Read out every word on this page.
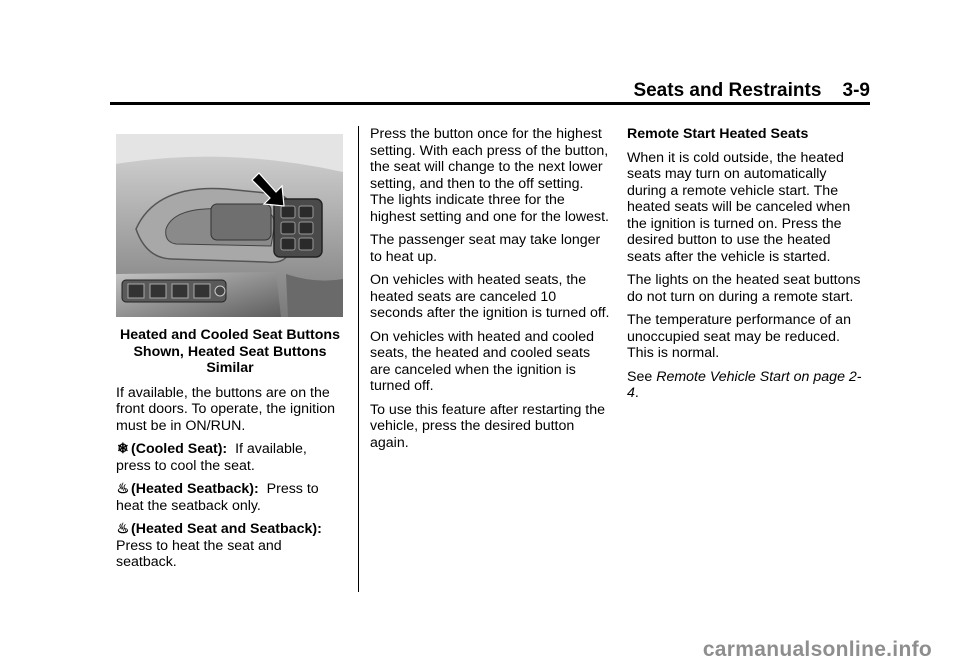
Seats and Restraints 3-9
Heated and Cooled Seat Buttons Shown, Heated Seat Buttons Similar

If available, the buttons are on the front doors. To operate, the ignition must be in ON/RUN.

❄ (Cooled Seat): If available, press to cool the seat.

♨ (Heated Seatback): Press to heat the seatback only.

♨ (Heated Seat and Seatback): Press to heat the seat and seatback.

Press the button once for the highest setting. With each press of the button, the seat will change to the next lower setting, and then to the off setting. The lights indicate three for the highest setting and one for the lowest.

The passenger seat may take longer to heat up.

On vehicles with heated seats, the heated seats are canceled 10 seconds after the ignition is turned off.

On vehicles with heated and cooled seats, the heated and cooled seats are canceled when the ignition is turned off.

To use this feature after restarting the vehicle, press the desired button again.

Remote Start Heated Seats

When it is cold outside, the heated seats may turn on automatically during a remote vehicle start. The heated seats will be canceled when the ignition is turned on. Press the desired button to use the heated seats after the vehicle is started.

The lights on the heated seat buttons do not turn on during a remote start.

The temperature performance of an unoccupied seat may be reduced. This is normal.

See Remote Vehicle Start on page 2-4.

carmanualsonline.info
